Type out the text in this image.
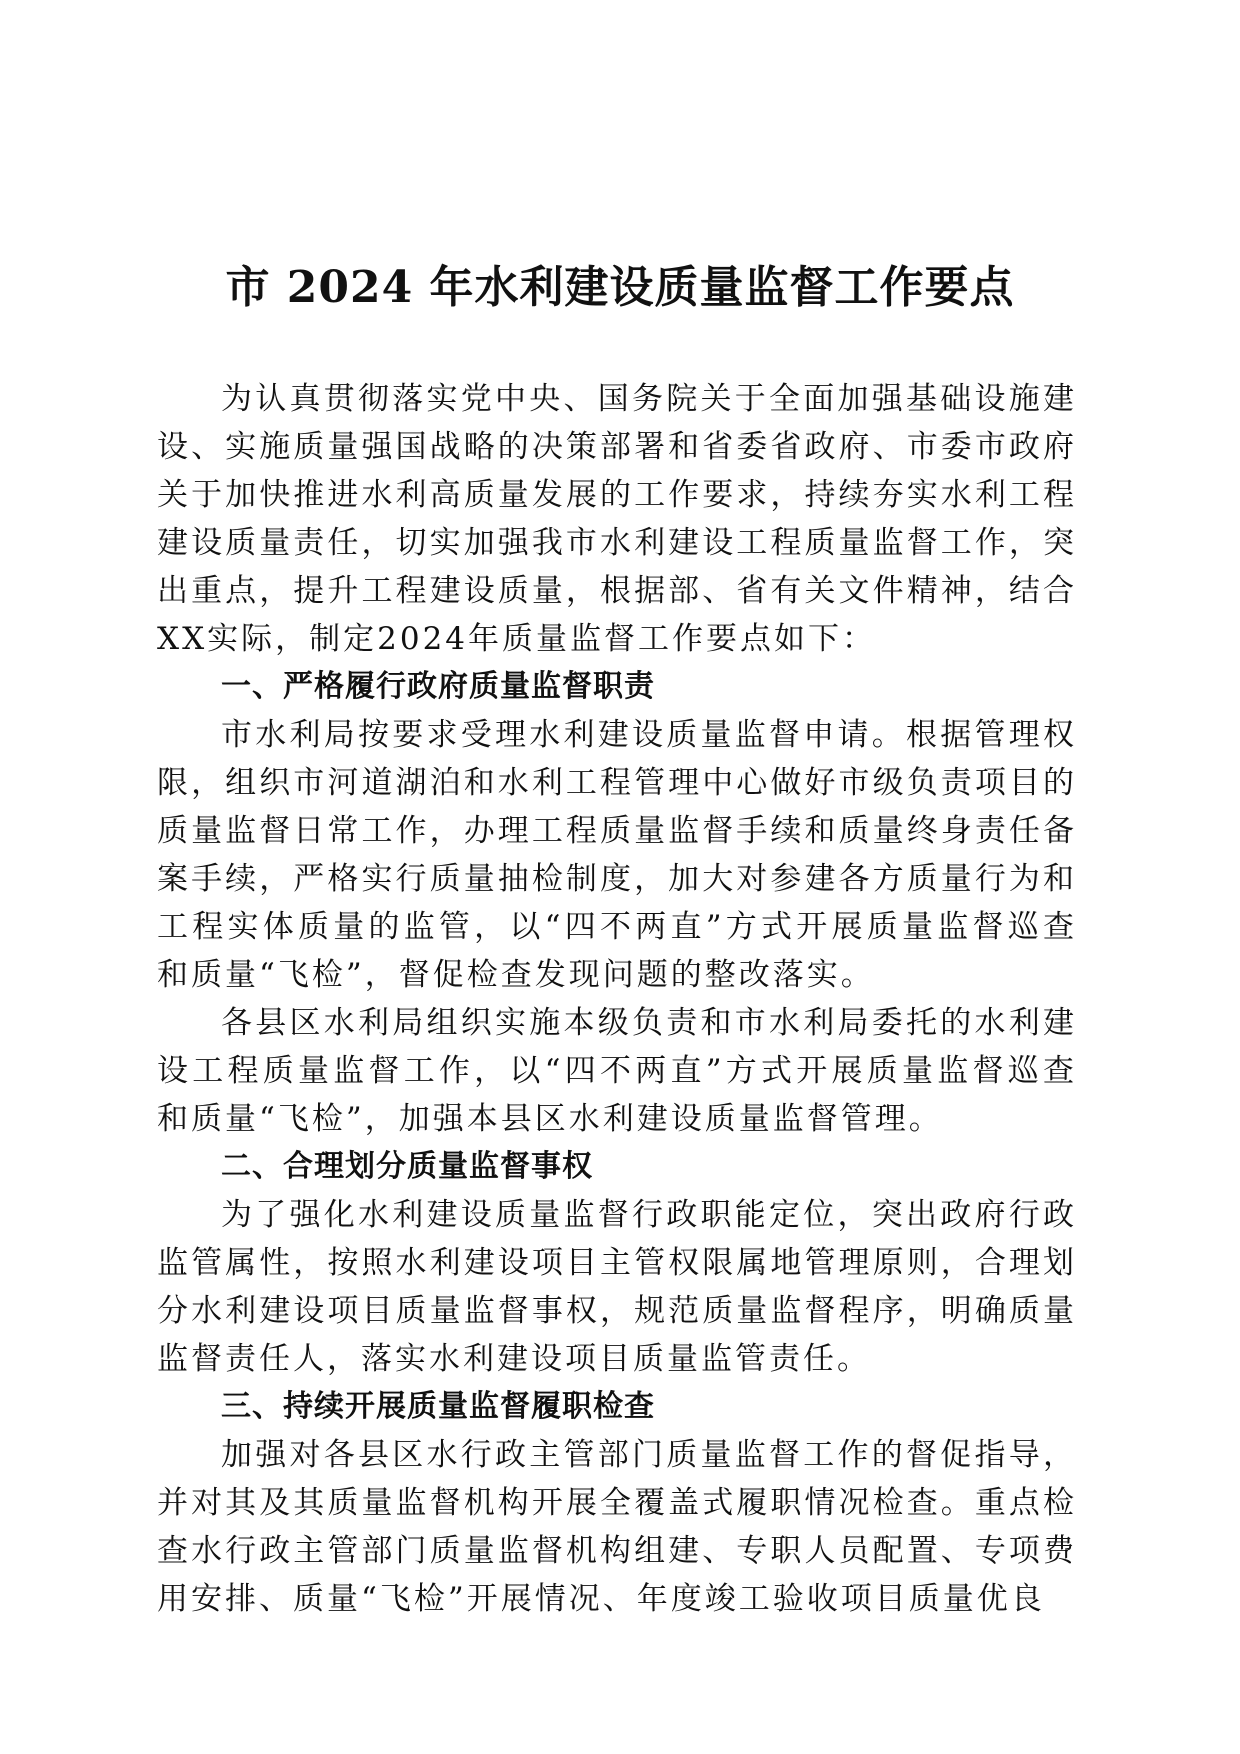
市 2024 年水利建设质量监督工作要点

为认真贯彻落实党中央、国务院关于全面加强基础设施建设、实施质量强国战略的决策部署和省委省政府、市委市政府关于加快推进水利高质量发展的工作要求，持续夯实水利工程建设质量责任，切实加强我市水利建设工程质量监督工作，突出重点，提升工程建设质量，根据部、省有关文件精神，结合XX实际，制定2024年质量监督工作要点如下：

一、严格履行政府质量监督职责

市水利局按要求受理水利建设质量监督申请。根据管理权限，组织市河道湖泊和水利工程管理中心做好市级负责项目的质量监督日常工作，办理工程质量监督手续和质量终身责任备案手续，严格实行质量抽检制度，加大对参建各方质量行为和工程实体质量的监管，以“四不两直”方式开展质量监督巡查和质量“飞检”，督促检查发现问题的整改落实。

各县区水利局组织实施本级负责和市水利局委托的水利建设工程质量监督工作，以“四不两直”方式开展质量监督巡查和质量“飞检”，加强本县区水利建设质量监督管理。

二、合理划分质量监督事权

为了强化水利建设质量监督行政职能定位，突出政府行政监管属性，按照水利建设项目主管权限属地管理原则，合理划分水利建设项目质量监督事权，规范质量监督程序，明确质量监督责任人，落实水利建设项目质量监管责任。

三、持续开展质量监督履职检查

加强对各县区水行政主管部门质量监督工作的督促指导，并对其及其质量监督机构开展全覆盖式履职情况检查。重点检查水行政主管部门质量监督机构组建、专职人员配置、专项费用安排、质量“飞检”开展情况、年度竣工验收项目质量优良
